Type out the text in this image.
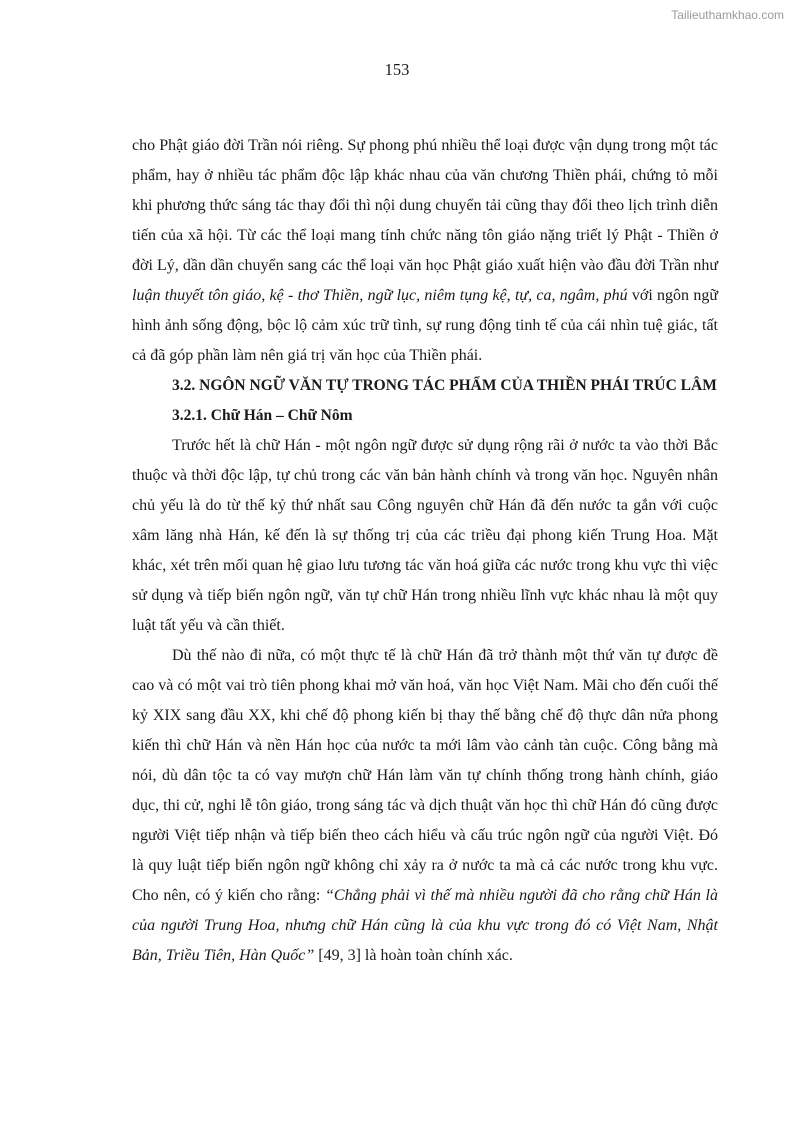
Tailieuthamkhao.com
153

cho Phật giáo đời Trần nói riêng. Sự phong phú nhiều thể loại được vận dụng trong một tác phẩm, hay ở nhiều tác phẩm độc lập khác nhau của văn chương Thiền phái, chứng tỏ mỗi khi phương thức sáng tác thay đổi thì nội dung chuyển tải cũng thay đổi theo lịch trình diễn tiến của xã hội. Từ các thể loại mang tính chức năng tôn giáo nặng triết lý Phật - Thiền ở đời Lý, dần dần chuyển sang các thể loại văn học Phật giáo xuất hiện vào đầu đời Trần như luận thuyết tôn giáo, kệ - thơ Thiền, ngữ lục, niêm tụng kệ, tự, ca, ngâm, phú với ngôn ngữ hình ảnh sống động, bộc lộ cảm xúc trữ tình, sự rung động tinh tế của cái nhìn tuệ giác, tất cả đã góp phần làm nên giá trị văn học của Thiền phái.

3.2. NGÔN NGỮ VĂN TỰ TRONG TÁC PHẨM CỦA THIỀN PHÁI TRÚC LÂM
3.2.1. Chữ Hán – Chữ Nôm

Trước hết là chữ Hán - một ngôn ngữ được sử dụng rộng rãi ở nước ta vào thời Bắc thuộc và thời độc lập, tự chủ trong các văn bản hành chính và trong văn học. Nguyên nhân chủ yếu là do từ thế kỷ thứ nhất sau Công nguyên chữ Hán đã đến nước ta gắn với cuộc xâm lăng nhà Hán, kế đến là sự thống trị của các triều đại phong kiến Trung Hoa. Mặt khác, xét trên mối quan hệ giao lưu tương tác văn hoá giữa các nước trong khu vực thì việc sử dụng và tiếp biến ngôn ngữ, văn tự chữ Hán trong nhiều lĩnh vực khác nhau là một quy luật tất yếu và cần thiết.

Dù thế nào đi nữa, có một thực tế là chữ Hán đã trở thành một thứ văn tự được đề cao và có một vai trò tiên phong khai mở văn hoá, văn học Việt Nam. Mãi cho đến cuối thế kỷ XIX sang đầu XX, khi chế độ phong kiến bị thay thế bằng chế độ thực dân nửa phong kiến thì chữ Hán và nền Hán học của nước ta mới lâm vào cảnh tàn cuộc. Công bằng mà nói, dù dân tộc ta có vay mượn chữ Hán làm văn tự chính thống trong hành chính, giáo dục, thi cử, nghi lễ tôn giáo, trong sáng tác và dịch thuật văn học thì chữ Hán đó cũng được người Việt tiếp nhận và tiếp biến theo cách hiểu và cấu trúc ngôn ngữ của người Việt. Đó là quy luật tiếp biến ngôn ngữ không chỉ xảy ra ở nước ta mà cả các nước trong khu vực. Cho nên, có ý kiến cho rằng: “Chẳng phải vì thế mà nhiều người đã cho rằng chữ Hán là của người Trung Hoa, nhưng chữ Hán cũng là của khu vực trong đó có Việt Nam, Nhật Bản, Triều Tiên, Hàn Quốc” [49, 3] là hoàn toàn chính xác.
